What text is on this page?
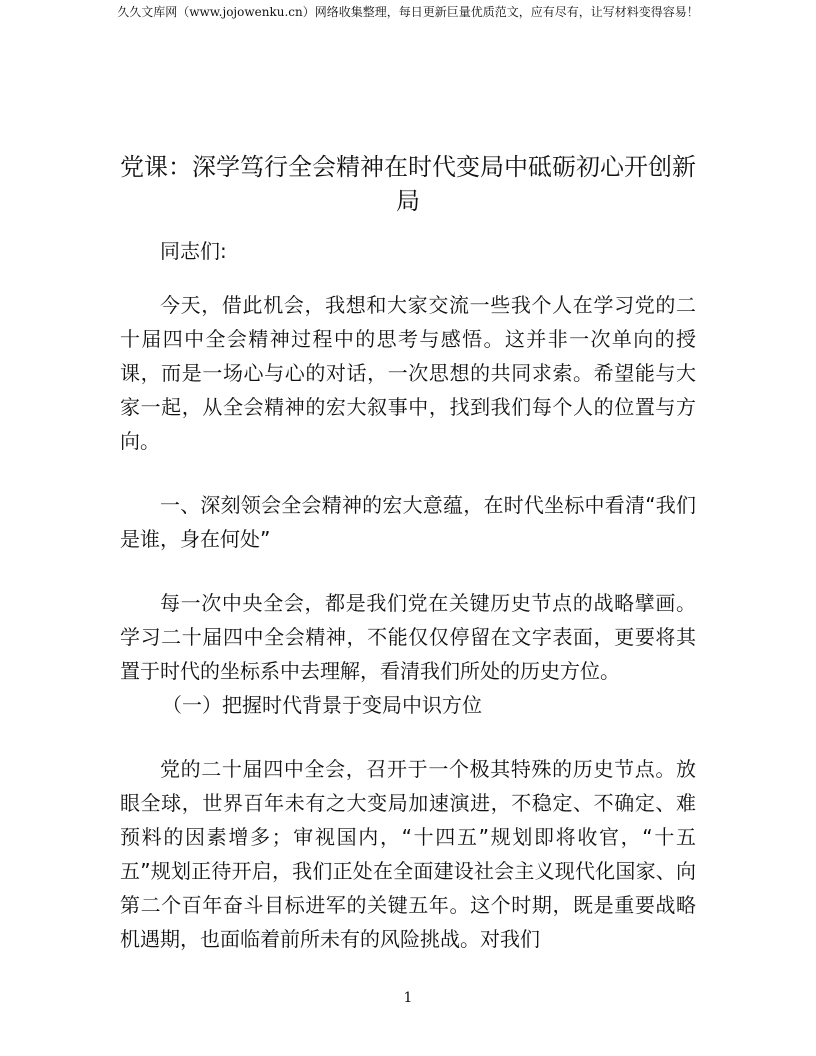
久久文库网（www.jojowenku.cn）网络收集整理，每日更新巨量优质范文，应有尽有，让写材料变得容易！
党课：深学笃行全会精神在时代变局中砥砺初心开创新局

同志们:

今天，借此机会，我想和大家交流一些我个人在学习党的二十届四中全会精神过程中的思考与感悟。这并非一次单向的授课，而是一场心与心的对话，一次思想的共同求索。希望能与大家一起，从全会精神的宏大叙事中，找到我们每个人的位置与方向。

一、深刻领会全会精神的宏大意蕴，在时代坐标中看清“我们是谁，身在何处”

每一次中央全会，都是我们党在关键历史节点的战略擘画。学习二十届四中全会精神，不能仅仅停留在文字表面，更要将其置于时代的坐标系中去理解，看清我们所处的历史方位。

（一）把握时代背景于变局中识方位

党的二十届四中全会，召开于一个极其特殊的历史节点。放眼全球，世界百年未有之大变局加速演进，不稳定、不确定、难预料的因素增多；审视国内，“十四五”规划即将收官，“十五五”规划正待开启，我们正处在全面建设社会主义现代化国家、向第二个百年奋斗目标进军的关键五年。这个时期，既是重要战略机遇期，也面临着前所未有的风险挑战。对我们

1
